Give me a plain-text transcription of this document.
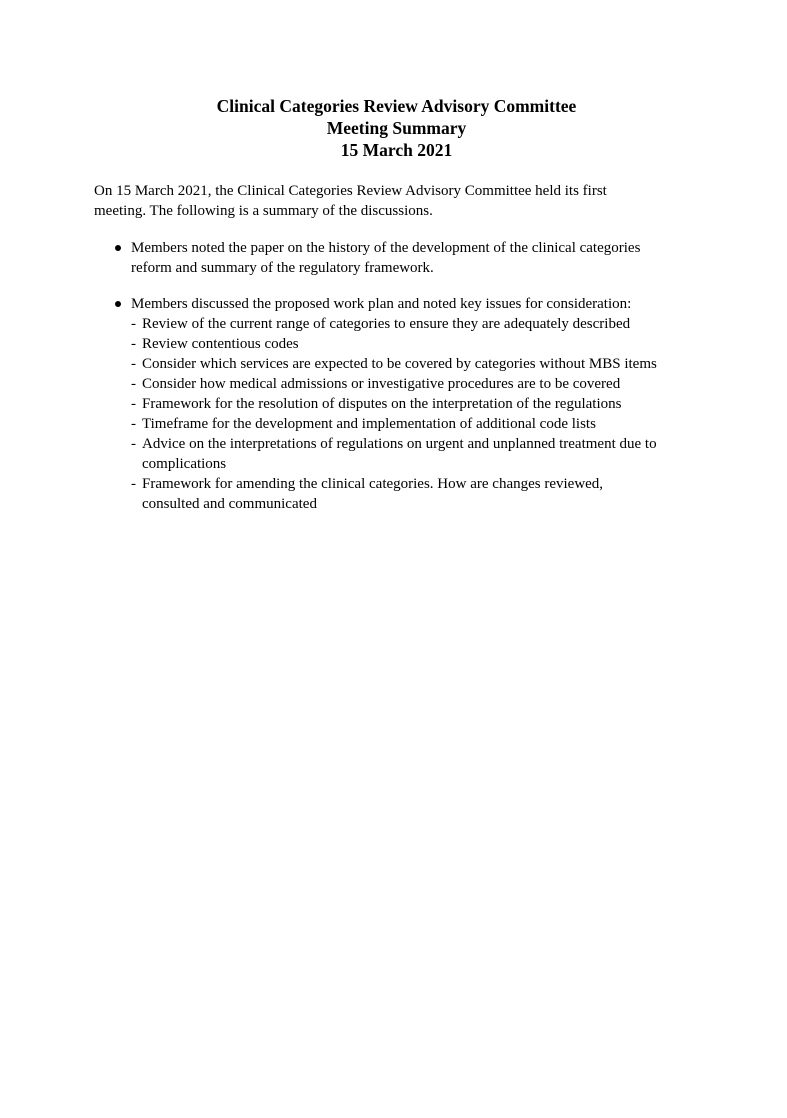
Clinical Categories Review Advisory Committee
Meeting Summary
15 March 2021
On 15 March 2021, the Clinical Categories Review Advisory Committee held its first
meeting. The following is a summary of the discussions.
Members noted the paper on the history of the development of the clinical categories
reform and summary of the regulatory framework.
Members discussed the proposed work plan and noted key issues for consideration:
- Review of the current range of categories to ensure they are adequately described
- Review contentious codes
- Consider which services are expected to be covered by categories without MBS items
- Consider how medical admissions or investigative procedures are to be covered
- Framework for the resolution of disputes on the interpretation of the regulations
- Timeframe for the development and implementation of additional code lists
- Advice on the interpretations of regulations on urgent and unplanned treatment due to
complications
- Framework for amending the clinical categories. How are changes reviewed,
consulted and communicated
